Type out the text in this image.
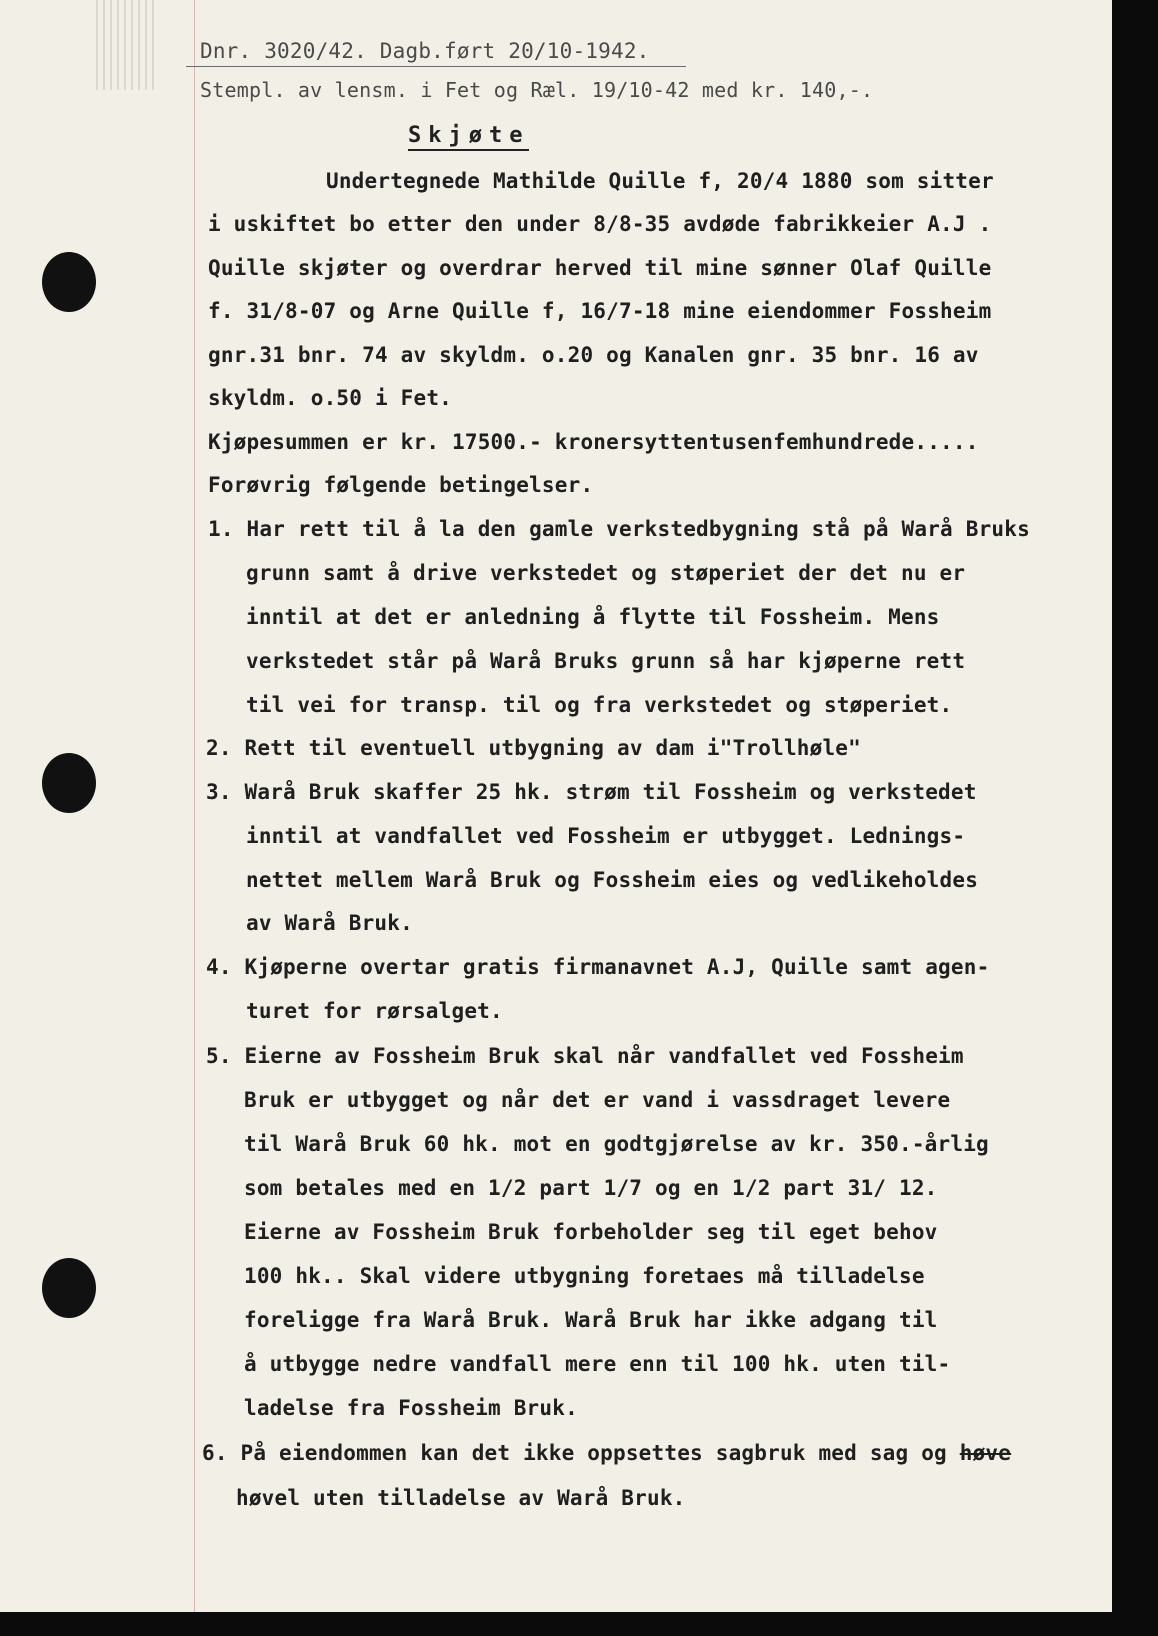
Dnr. 3020/42. Dagb.ført 20/10-1942.
Stempl. av lensm. i Fet og Ræl. 19/10-42 med kr. 140,-.
Skjøte
Undertegnede Mathilde Quille f, 20/4 1880 som sitter
i uskiftet bo etter den under 8/8-35 avdøde fabrikkeier A.J .
Quille skjøter og overdrar herved til mine sønner Olaf Quille
f. 31/8-07 og Arne Quille f, 16/7-18 mine eiendommer Fossheim
gnr.31 bnr. 74 av skyldm. o.20 og Kanalen gnr. 35 bnr. 16 av
skyldm. o.50 i Fet.
Kjøpesummen er kr. 17500.- kronersyttentusenfemhundrede.....
Forøvrig følgende betingelser.
1. Har rett til å la den gamle verkstedbygning stå på Warå Bruks
grunn samt å drive verkstedet og støperiet der det nu er
inntil at det er anledning å flytte til Fossheim. Mens
verkstedet står på Warå Bruks grunn så har kjøperne rett
til vei for transp. til og fra verkstedet og støperiet.
2. Rett til eventuell utbygning av dam i"Trollhøle"
3. Warå Bruk skaffer 25 hk. strøm til Fossheim og verkstedet
inntil at vandfallet ved Fossheim er utbygget. Lednings-
nettet mellem Warå Bruk og Fossheim eies og vedlikeholdes
av Warå Bruk.
4. Kjøperne overtar gratis firmanavnet A.J, Quille samt agen-
turet for rørsalget.
5. Eierne av Fossheim Bruk skal når vandfallet ved Fossheim
Bruk er utbygget og når det er vand i vassdraget levere
til Warå Bruk 60 hk. mot en godtgjørelse av kr. 350.-årlig
som betales med en 1/2 part 1/7 og en 1/2 part 31/ 12.
Eierne av Fossheim Bruk forbeholder seg til eget behov
100 hk.. Skal videre utbygning foretaes må tilladelse
foreligge fra Warå Bruk. Warå Bruk har ikke adgang til
å utbygge nedre vandfall mere enn til 100 hk. uten til-
ladelse fra Fossheim Bruk.
6. På eiendommen kan det ikke oppsettes sagbruk med sag og høve
høvel uten tilladelse av Warå Bruk.
